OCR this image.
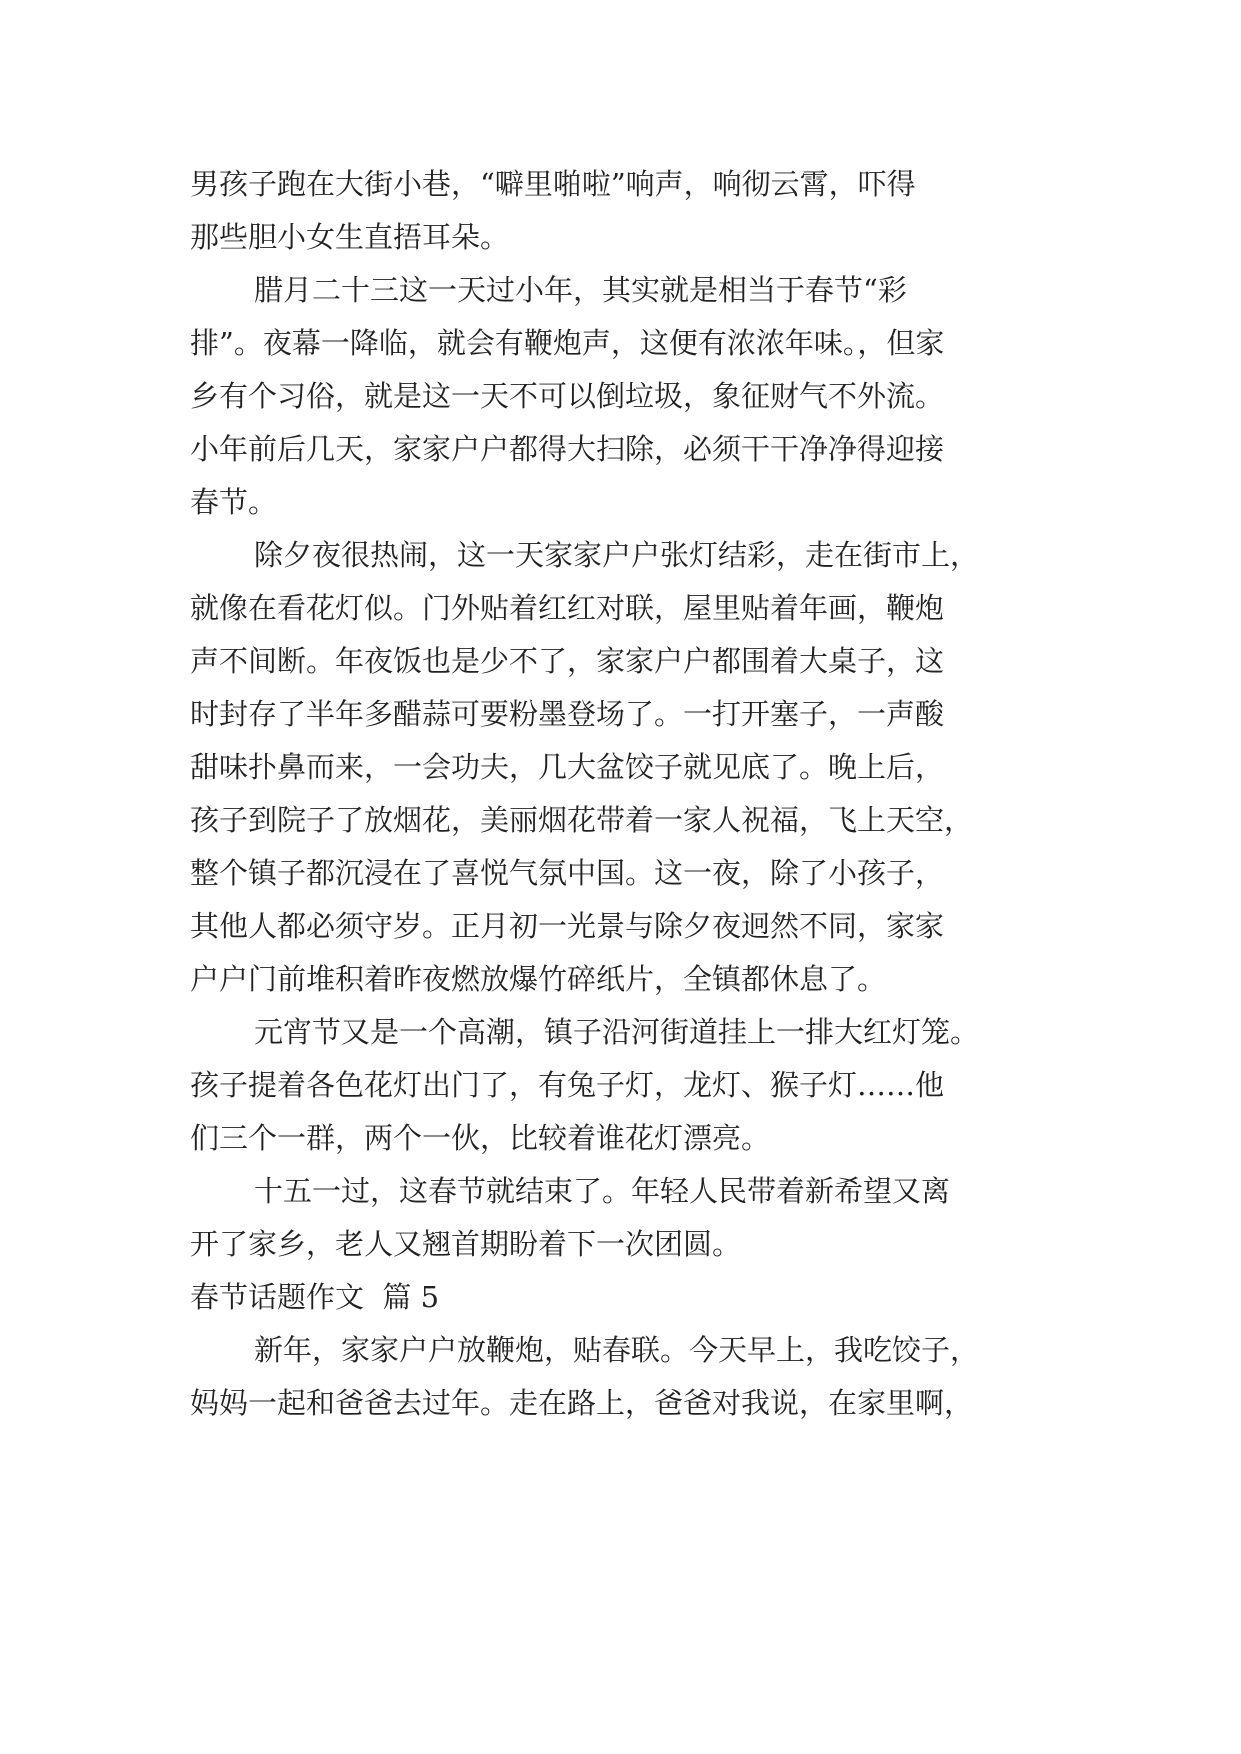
男孩子跑在大街小巷，“噼里啪啦”响声，响彻云霄，吓得
那些胆小女生直捂耳朵。
腊月二十三这一天过小年，其实就是相当于春节“彩
排”。夜幕一降临，就会有鞭炮声，这便有浓浓年味。，但家
乡有个习俗，就是这一天不可以倒垃圾，象征财气不外流。
小年前后几天，家家户户都得大扫除，必须干干净净得迎接
春节。
除夕夜很热闹，这一天家家户户张灯结彩，走在街市上，
就像在看花灯似。门外贴着红红对联，屋里贴着年画，鞭炮
声不间断。年夜饭也是少不了，家家户户都围着大桌子，这
时封存了半年多醋蒜可要粉墨登场了。一打开塞子，一声酸
甜味扑鼻而来，一会功夫，几大盆饺子就见底了。晚上后，
孩子到院子了放烟花，美丽烟花带着一家人祝福，飞上天空，
整个镇子都沉浸在了喜悦气氛中国。这一夜，除了小孩子，
其他人都必须守岁。正月初一光景与除夕夜迥然不同，家家
户户门前堆积着昨夜燃放爆竹碎纸片，全镇都休息了。
元宵节又是一个高潮，镇子沿河街道挂上一排大红灯笼。
孩子提着各色花灯出门了，有兔子灯，龙灯、猴子灯……他
们三个一群，两个一伙，比较着谁花灯漂亮。
十五一过，这春节就结束了。年轻人民带着新希望又离
开了家乡，老人又翘首期盼着下一次团圆。
春节话题作文  篇 5
新年，家家户户放鞭炮，贴春联。今天早上，我吃饺子，
妈妈一起和爸爸去过年。走在路上，爸爸对我说，在家里啊，
